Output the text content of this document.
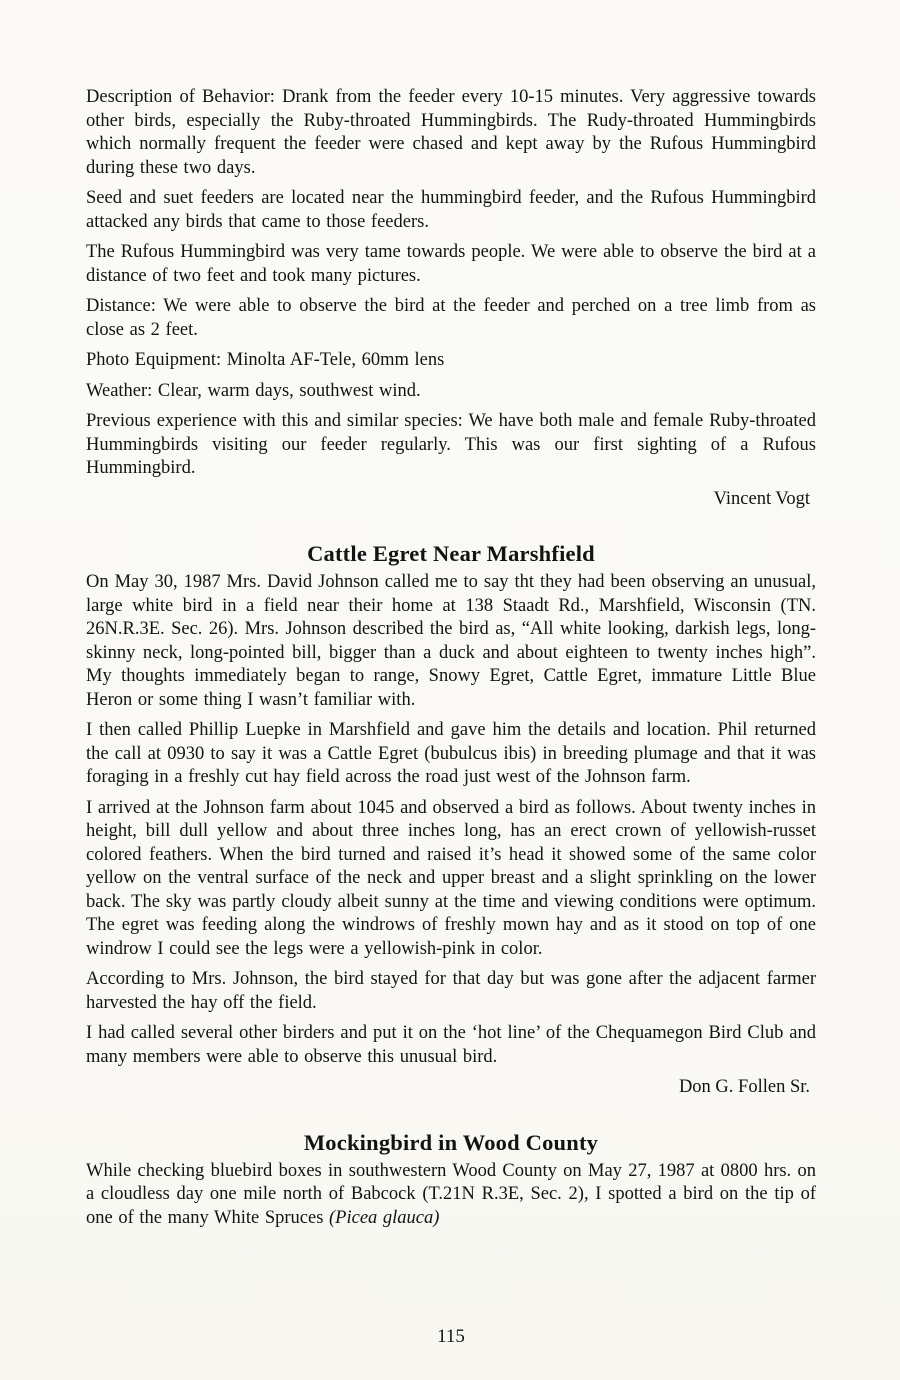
Description of Behavior: Drank from the feeder every 10-15 minutes. Very aggressive towards other birds, especially the Ruby-throated Hummingbirds. The Rudy-throated Hummingbirds which normally frequent the feeder were chased and kept away by the Rufous Hummingbird during these two days.

Seed and suet feeders are located near the hummingbird feeder, and the Rufous Hummingbird attacked any birds that came to those feeders.

The Rufous Hummingbird was very tame towards people. We were able to observe the bird at a distance of two feet and took many pictures.

Distance: We were able to observe the bird at the feeder and perched on a tree limb from as close as 2 feet.

Photo Equipment: Minolta AF-Tele, 60mm lens

Weather: Clear, warm days, southwest wind.

Previous experience with this and similar species: We have both male and female Ruby-throated Hummingbirds visiting our feeder regularly. This was our first sighting of a Rufous Hummingbird.

Vincent Vogt

Cattle Egret Near Marshfield

On May 30, 1987 Mrs. David Johnson called me to say tht they had been observing an unusual, large white bird in a field near their home at 138 Staadt Rd., Marshfield, Wisconsin (TN. 26N.R.3E. Sec. 26). Mrs. Johnson described the bird as, “All white looking, darkish legs, long-skinny neck, long-pointed bill, bigger than a duck and about eighteen to twenty inches high”. My thoughts immediately began to range, Snowy Egret, Cattle Egret, immature Little Blue Heron or some thing I wasn’t familiar with.

I then called Phillip Luepke in Marshfield and gave him the details and location. Phil returned the call at 0930 to say it was a Cattle Egret (bubulcus ibis) in breeding plumage and that it was foraging in a freshly cut hay field across the road just west of the Johnson farm.

I arrived at the Johnson farm about 1045 and observed a bird as follows. About twenty inches in height, bill dull yellow and about three inches long, has an erect crown of yellowish-russet colored feathers. When the bird turned and raised it’s head it showed some of the same color yellow on the ventral surface of the neck and upper breast and a slight sprinkling on the lower back. The sky was partly cloudy albeit sunny at the time and viewing conditions were optimum. The egret was feeding along the windrows of freshly mown hay and as it stood on top of one windrow I could see the legs were a yellowish-pink in color.

According to Mrs. Johnson, the bird stayed for that day but was gone after the adjacent farmer harvested the hay off the field.

I had called several other birders and put it on the ‘hot line’ of the Chequamegon Bird Club and many members were able to observe this unusual bird.

Don G. Follen Sr.

Mockingbird in Wood County

While checking bluebird boxes in southwestern Wood County on May 27, 1987 at 0800 hrs. on a cloudless day one mile north of Babcock (T.21N R.3E, Sec. 2), I spotted a bird on the tip of one of the many White Spruces (Picea glauca)

115
